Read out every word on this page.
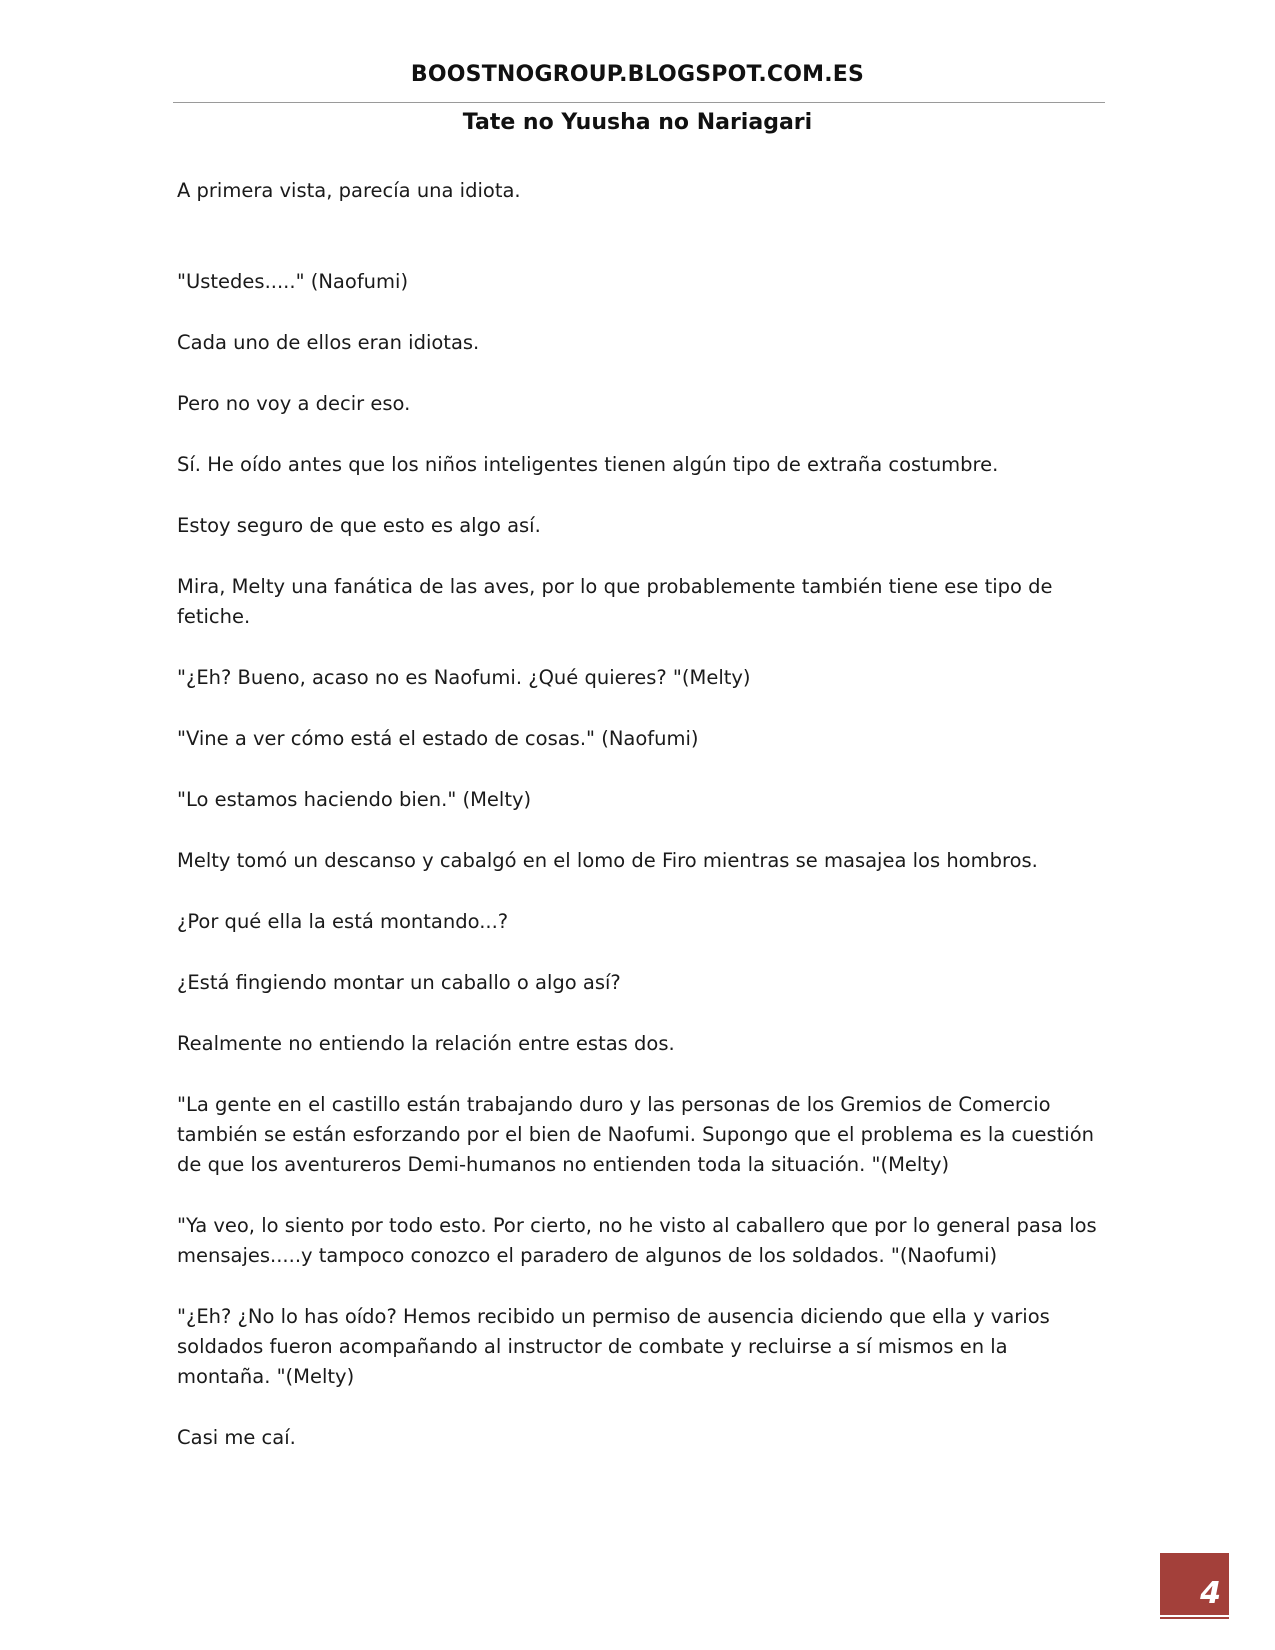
BOOSTNOGROUP.BLOGSPOT.COM.ES
Tate no Yuusha no Nariagari

A primera vista, parecía una idiota.

"Ustedes....." (Naofumi)

Cada uno de ellos eran idiotas.

Pero no voy a decir eso.

Sí. He oído antes que los niños inteligentes tienen algún tipo de extraña costumbre.

Estoy seguro de que esto es algo así.

Mira, Melty una fanática de las aves, por lo que probablemente también tiene ese tipo de fetiche.

"¿Eh? Bueno, acaso no es Naofumi. ¿Qué quieres? "(Melty)

"Vine a ver cómo está el estado de cosas." (Naofumi)

"Lo estamos haciendo bien." (Melty)

Melty tomó un descanso y cabalgó en el lomo de Firo mientras se masajea los hombros.

¿Por qué ella la está montando...?

¿Está fingiendo montar un caballo o algo así?

Realmente no entiendo la relación entre estas dos.

"La gente en el castillo están trabajando duro y las personas de los Gremios de Comercio también se están esforzando por el bien de Naofumi. Supongo que el problema es la cuestión de que los aventureros Demi-humanos no entienden toda la situación. "(Melty)

"Ya veo, lo siento por todo esto. Por cierto, no he visto al caballero que por lo general pasa los mensajes.....y tampoco conozco el paradero de algunos de los soldados. "(Naofumi)

"¿Eh? ¿No lo has oído? Hemos recibido un permiso de ausencia diciendo que ella y varios soldados fueron acompañando al instructor de combate y recluirse a sí mismos en la montaña. "(Melty)

Casi me caí.

4
